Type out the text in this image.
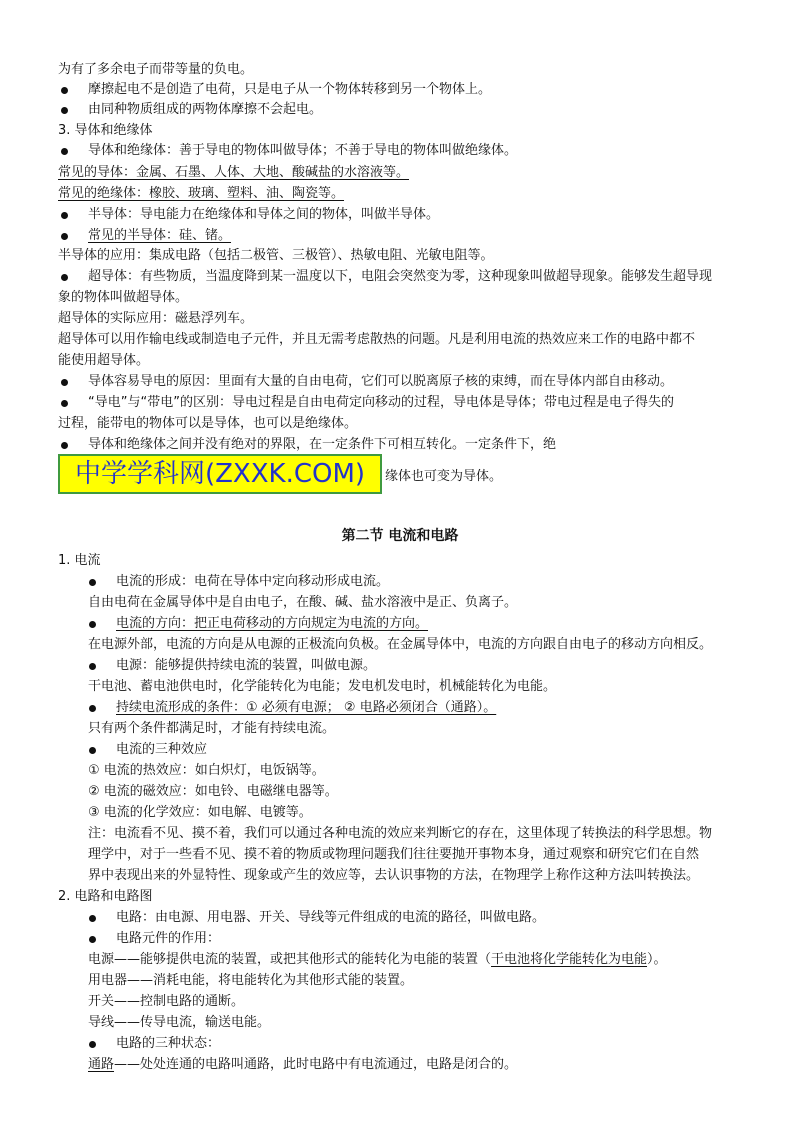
为有了多余电子而带等量的负电。
摩擦起电不是创造了电荷，只是电子从一个物体转移到另一个物体上。
由同种物质组成的两物体摩擦不会起电。
3. 导体和绝缘体
导体和绝缘体：善于导电的物体叫做导体；不善于导电的物体叫做绝缘体。
常见的导体：金属、石墨、人体、大地、酸碱盐的水溶液等。
常见的绝缘体：橡胶、玻璃、塑料、油、陶瓷等。
半导体：导电能力在绝缘体和导体之间的物体，叫做半导体。
常见的半导体：硅、锗。
半导体的应用：集成电路（包括二极管、三极管）、热敏电阻、光敏电阻等。
超导体：有些物质，当温度降到某一温度以下，电阻会突然变为零，这种现象叫做超导现象。能够发生超导现
象的物体叫做超导体。
超导体的实际应用：磁悬浮列车。
超导体可以用作输电线或制造电子元件，并且无需考虑散热的问题。凡是利用电流的热效应来工作的电路中都不
能使用超导体。
导体容易导电的原因：里面有大量的自由电荷，它们可以脱离原子核的束缚，而在导体内部自由移动。
“导电”与“带电”的区别：导电过程是自由电荷定向移动的过程，导电体是导体；带电过程是电子得失的
过程，能带电的物体可以是导体，也可以是绝缘体。
导体和绝缘体之间并没有绝对的界限，在一定条件下可相互转化。一定条件下，绝
中学学科网(ZXXK.COM)	缘体也可变为导体。
第二节 电流和电路
1. 电流
电流的形成：电荷在导体中定向移动形成电流。
自由电荷在金属导体中是自由电子，在酸、碱、盐水溶液中是正、负离子。
电流的方向：把正电荷移动的方向规定为电流的方向。
在电源外部，电流的方向是从电源的正极流向负极。在金属导体中，电流的方向跟自由电子的移动方向相反。
电源：能够提供持续电流的装置，叫做电源。
干电池、蓄电池供电时，化学能转化为电能；发电机发电时，机械能转化为电能。
持续电流形成的条件：① 必须有电源； ② 电路必须闭合（通路）。
只有两个条件都满足时，才能有持续电流。
电流的三种效应
① 电流的热效应：如白炽灯，电饭锅等。
② 电流的磁效应：如电铃、电磁继电器等。
③ 电流的化学效应：如电解、电镀等。
注：电流看不见、摸不着，我们可以通过各种电流的效应来判断它的存在，这里体现了转换法的科学思想。物
理学中，对于一些看不见、摸不着的物质或物理问题我们往往要抛开事物本身，通过观察和研究它们在自然
界中表现出来的外显特性、现象或产生的效应等，去认识事物的方法，在物理学上称作这种方法叫转换法。
2. 电路和电路图
电路：由电源、用电器、开关、导线等元件组成的电流的路径，叫做电路。
电路元件的作用：
电源——能够提供电流的装置，或把其他形式的能转化为电能的装置（干电池将化学能转化为电能）。
用电器——消耗电能，将电能转化为其他形式能的装置。
开关——控制电路的通断。
导线——传导电流，输送电能。
电路的三种状态：
通路——处处连通的电路叫通路，此时电路中有电流通过，电路是闭合的。
